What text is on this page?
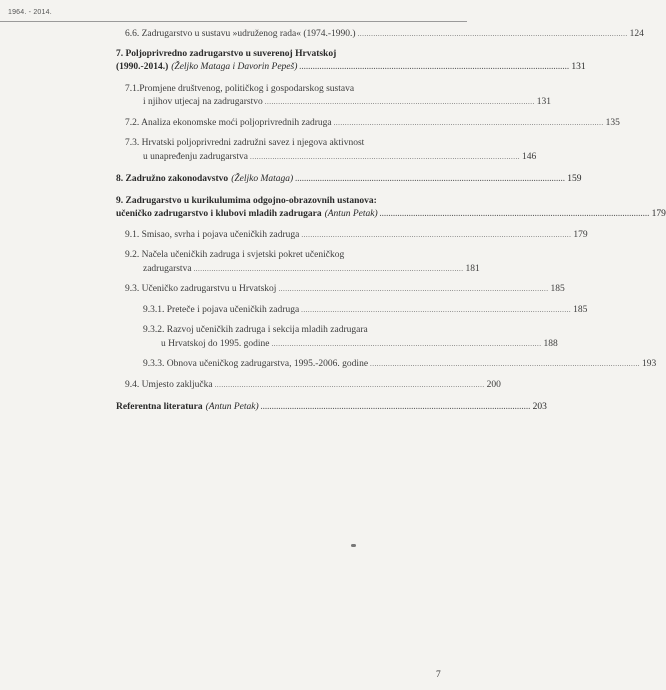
1964. - 2014.
6.6. Zadrugarstvo u sustavu »udruženog rada« (1974.-1990.) ........................................................................................................................ 124
7. Poljoprivredno zadrugarstvo u suverenoj Hrvatskoj
(1990.-2014.) (Željko Mataga i Davorin Pepeš) ........................................................................................................................ 131
7.1.Promjene društvenog, političkog i gospodarskog sustava
i njihov utjecaj na zadrugarstvo ........................................................................................................................ 131
7.2. Analiza ekonomske moći poljoprivrednih zadruga ........................................................................................................................ 135
7.3. Hrvatski poljoprivredni zadružni savez i njegova aktivnost
u unapređenju zadrugarstva ........................................................................................................................ 146
8. Zadružno zakonodavstvo (Željko Mataga) ........................................................................................................................ 159
9. Zadrugarstvo u kurikulumima odgojno-obrazovnih ustanova:
učeničko zadrugarstvo i klubovi mladih zadrugara (Antun Petak) ........................................................................................................................ 179
9.1. Smisao, svrha i pojava učeničkih zadruga ........................................................................................................................ 179
9.2. Načela učeničkih zadruga i svjetski pokret učeničkog
zadrugarstva ........................................................................................................................ 181
9.3. Učeničko zadrugarstvu u Hrvatskoj ........................................................................................................................ 185
9.3.1. Pretečе i pojava učeničkih zadruga ........................................................................................................................ 185
9.3.2. Razvoj učeničkih zadruga i sekcija mladih zadrugara
u Hrvatskoj do 1995. godine ........................................................................................................................ 188
9.3.3. Obnova učeničkog zadrugarstva, 1995.-2006. godine ........................................................................................................................ 193
9.4. Umjesto zaključka ........................................................................................................................ 200
Referentna literatura (Antun Petak) ........................................................................................................................ 203
7
